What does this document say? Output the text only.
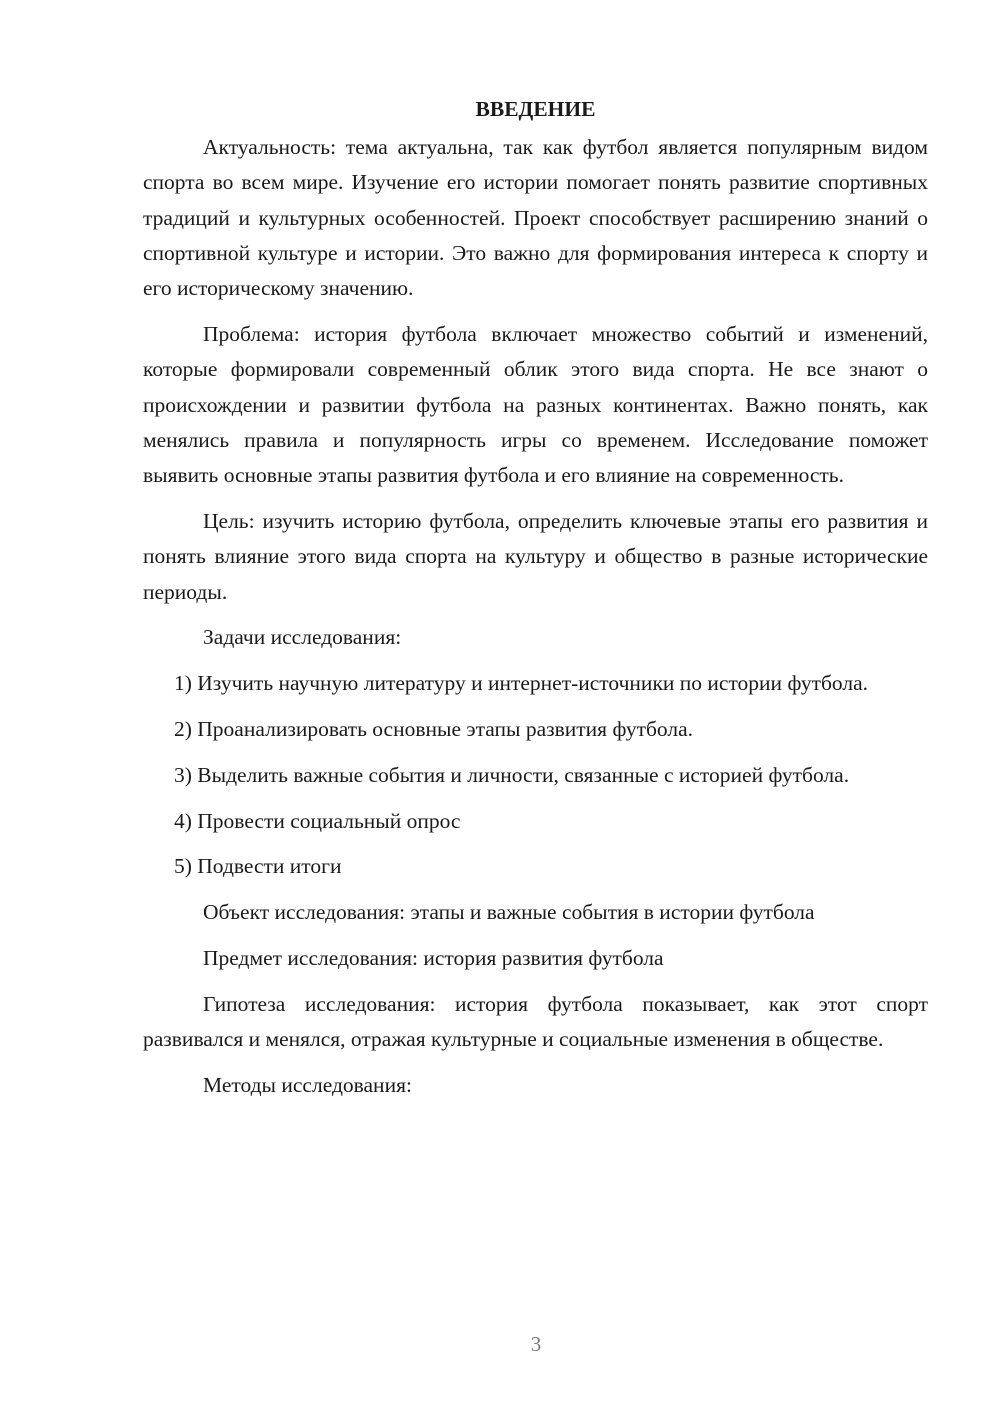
ВВЕДЕНИЕ

Актуальность: тема актуальна, так как футбол является популярным видом спорта во всем мире. Изучение его истории помогает понять развитие спортивных традиций и культурных особенностей. Проект способствует расширению знаний о спортивной культуре и истории. Это важно для формирования интереса к спорту и его историческому значению.

Проблема: история футбола включает множество событий и изменений, которые формировали современный облик этого вида спорта. Не все знают о происхождении и развитии футбола на разных континентах. Важно понять, как менялись правила и популярность игры со временем. Исследование поможет выявить основные этапы развития футбола и его влияние на современность.

Цель: изучить историю футбола, определить ключевые этапы его развития и понять влияние этого вида спорта на культуру и общество в разные исторические периоды.

Задачи исследования:

1) Изучить научную литературу и интернет-источники по истории футбола.

2) Проанализировать основные этапы развития футбола.

3) Выделить важные события и личности, связанные с историей футбола.

4) Провести социальный опрос

5) Подвести итоги

Объект исследования: этапы и важные события в истории футбола

Предмет исследования: история развития футбола

Гипотеза исследования: история футбола показывает, как этот спорт развивался и менялся, отражая культурные и социальные изменения в обществе.

Методы исследования:

3
